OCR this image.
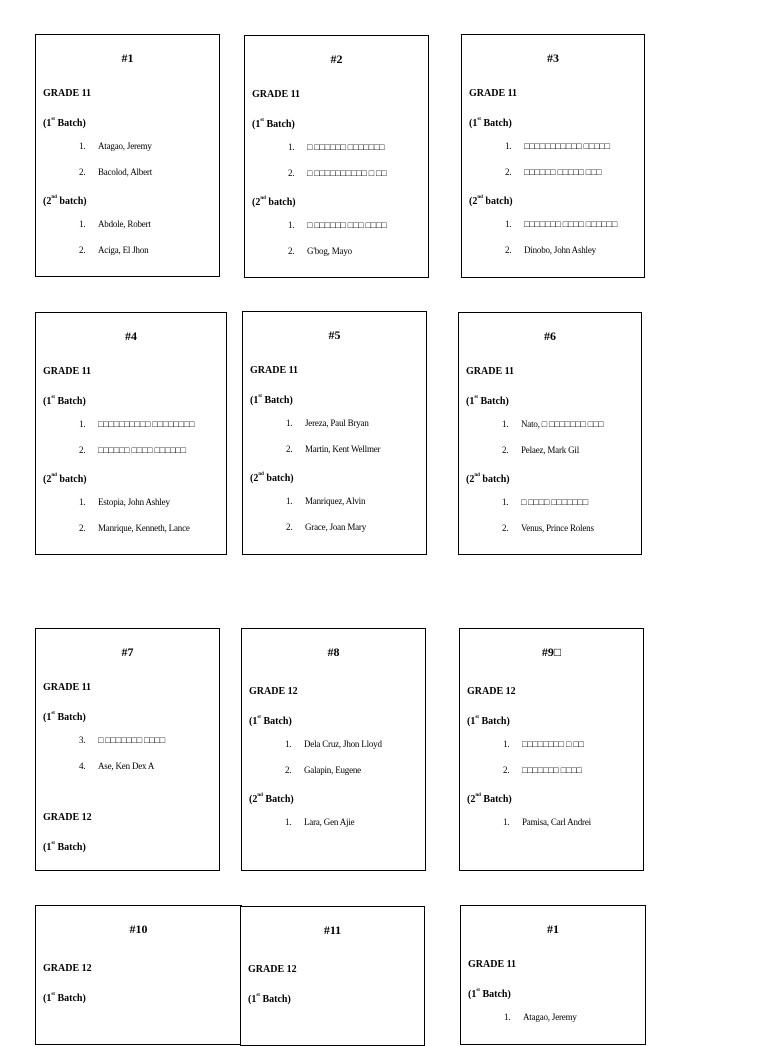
#1
GRADE 11
(1st Batch)
1. Atagao, Jeremy
2. Bacolod, Albert
(2nd batch)
1. Abdole, Robert
2. Aciga, El Jhon
#2
GRADE 11
(1st Batch)
1. □ □□□□□□ □□□□□□□
2. □ □□□□□□□□□□ □ □□
(2nd batch)
1. □ □□□□□□ □□□ □□□□
2. G'bog, Mayo
#3
GRADE 11
(1st Batch)
1. □□□□□□□□□□□ □□□□□
2. □□□□□□ □□□□□ □□□
(2nd batch)
1. □□□□□□□ □□□□ □□□□□□
2. Dinobo, John Ashley
#4
GRADE 11
(1st Batch)
1. □□□□□□□□□□ □□□□□□□□
2. □□□□□□ □□□□ □□□□□□
(2nd batch)
1. Estopia, John Ashley
2. Manrique, Kenneth, Lance
#5
GRADE 11
(1st Batch)
1. Jereza, Paul Bryan
2. Martin, Kent Wellmer
(2nd batch)
1. Manriquez, Alvin
2. Grace, Joan Mary
#6
GRADE 11
(1st Batch)
1. Nato, □ □□□□□□□ □□□
2. Pelaez, Mark Gil
(2nd batch)
1. □ □□□□ □□□□□□□
2. Venus, Prince Rolens
#7
GRADE 11
(1st Batch)
3. □ □□□□□□□ □□□□
4. Ase, Ken Dex A
GRADE 12
(1st Batch)
#8
GRADE 12
(1st Batch)
1. Dela Cruz, Jhon Lloyd
2. Galapin, Eugene
(2nd Batch)
1. Lara, Gen Ajie
#9□
GRADE 12
(1st Batch)
1. □□□□□□□□ □ □□
2. □□□□□□□ □□□□
(2nd Batch)
1. Pamisa, Carl Andrei
#10
GRADE 12
(1st Batch)
#11
GRADE 12
(1st Batch)
#1
GRADE 11
(1st Batch)
1. Atagao, Jeremy
